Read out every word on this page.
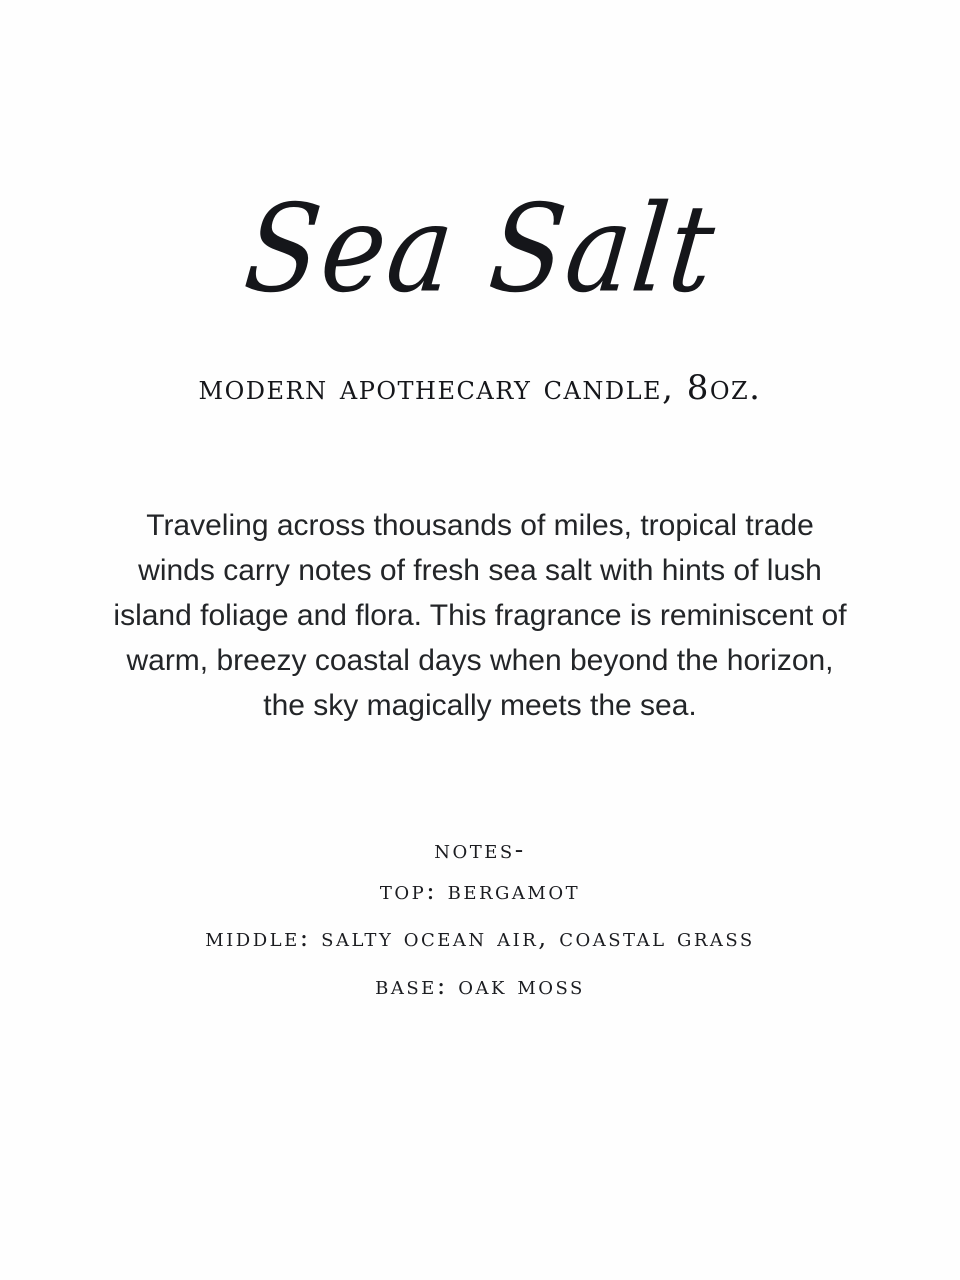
Sea Salt
modern apothecary candle, 8oz.
Traveling across thousands of miles, tropical trade winds carry notes of fresh sea salt with hints of lush island foliage and flora. This fragrance is reminiscent of warm, breezy coastal days when beyond the horizon, the sky magically meets the sea.
notes-
top: bergamot
middle: salty ocean air, coastal grass
base: oak moss
